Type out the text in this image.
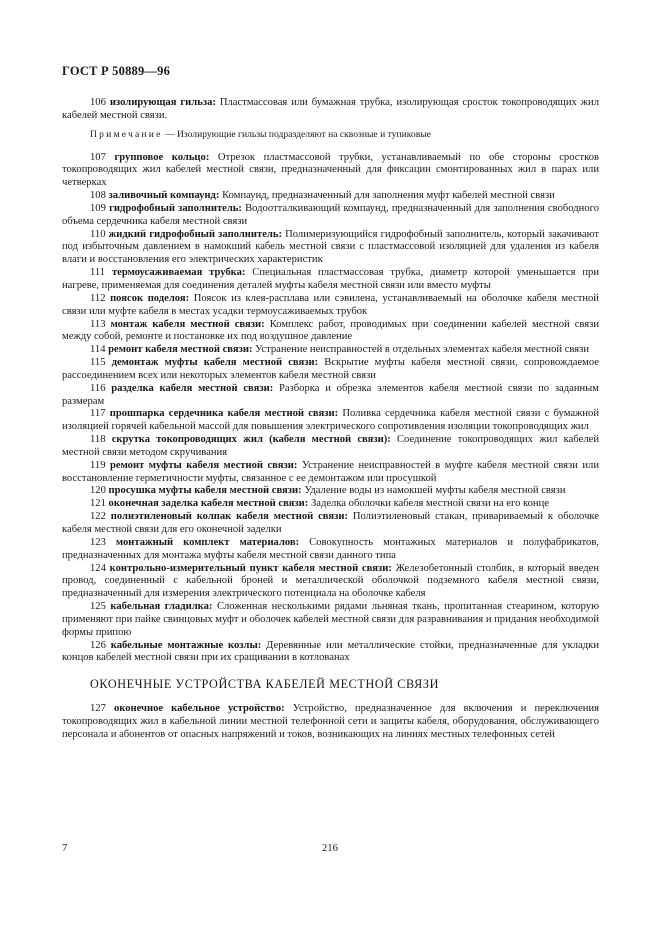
ГОСТ Р 50889—96
106 изолирующая гильза: Пластмассовая или бумажная трубка, изолирующая сросток токопроводящих жил кабелей местной связи.
Примечание — Изолирующие гильзы подразделяют на сквозные и тупиковые
107 групповое кольцо: Отрезок пластмассовой трубки, устанавливаемый по обе стороны сростков токопроводящих жил кабелей местной связи, предназначенный для фиксации смонтированных жил в парах или четверках
108 заливочный компаунд: Компаунд, предназначенный для заполнения муфт кабелей местной связи
109 гидрофобный заполнитель: Водоотталкивающий компаунд, предназначенный для заполнения свободного объема сердечника кабеля местной связи
110 жидкий гидрофобный заполнитель: Полимеризующийся гидрофобный заполнитель, который закачивают под избыточным давлением в намокший кабель местной связи с пластмассовой изоляцией для удаления из кабеля влаги и восстановления его электрических характеристик
111 термоусаживаемая трубка: Специальная пластмассовая трубка, диаметр которой уменьшается при нагреве, применяемая для соединения деталей муфты кабеля местной связи или вместо муфты
112 поясок поделоя: Поясок из клея-расплава или сэвилена, устанавливаемый на оболочке кабеля местной связи или муфте кабеля в местах усадки термоусаживаемых трубок
113 монтаж кабеля местной связи: Комплекс работ, проводимых при соединении кабелей местной связи между собой, ремонте и постановке их под воздушное давление
114 ремонт кабеля местной связи: Устранение неисправностей в отдельных элементах кабеля местной связи
115 демонтаж муфты кабеля местной связи: Вскрытие муфты кабеля местной связи, сопровождаемое рассоединением всех или некоторых элементов кабеля местной связи
116 разделка кабеля местной связи: Разборка и обрезка элементов кабеля местной связи по заданным размерам
117 прошпарка сердечника кабеля местной связи: Поливка сердечника кабеля местной связи с бумажной изоляцией горячей кабельной массой для повышения электрического сопротивления изоляции токопроводящих жил
118 скрутка токопроводящих жил (кабеля местной связи): Соединение токопроводящих жил кабелей местной связи методом скручивания
119 ремонт муфты кабеля местной связи: Устранение неисправностей в муфте кабеля местной связи или восстановление герметичности муфты, связанное с ее демонтажом или просушкой
120 просушка муфты кабеля местной связи: Удаление воды из намокшей муфты кабеля местной связи
121 оконечная заделка кабеля местной связи: Заделка оболочки кабеля местной связи на его конце
122 полиэтиленовый колпак кабеля местной связи: Полиэтиленовый стакан, привариваемый к оболочке кабеля местной связи для его оконечной заделки
123 монтажный комплект материалов: Совокупность монтажных материалов и полуфабрикатов, предназначенных для монтажа муфты кабеля местной связи данного типа
124 контрольно-измерительный пункт кабеля местной связи: Железобетонный столбик, в который введен провод, соединенный с кабельной броней и металлической оболочкой подземного кабеля местной связи, предназначенный для измерения электрического потенциала на оболочке кабеля
125 кабельная гладилка: Сложенная несколькими рядами льняная ткань, пропитанная стеарином, которую применяют при пайке свинцовых муфт и оболочек кабелей местной связи для разравнивания и придания необходимой формы припою
126 кабельные монтажные козлы: Деревянные или металлические стойки, предназначенные для укладки концов кабелей местной связи при их сращивании в котлованах
ОКОНЕЧНЫЕ УСТРОЙСТВА КАБЕЛЕЙ МЕСТНОЙ СВЯЗИ
127 оконечное кабельное устройство: Устройство, предназначенное для включения и переключения токопроводящих жил в кабельной линии местной телефонной сети и защиты кабеля, оборудования, обслуживающего персонала и абонентов от опасных напряжений и токов, возникающих на линиях местных телефонных сетей
7	216
